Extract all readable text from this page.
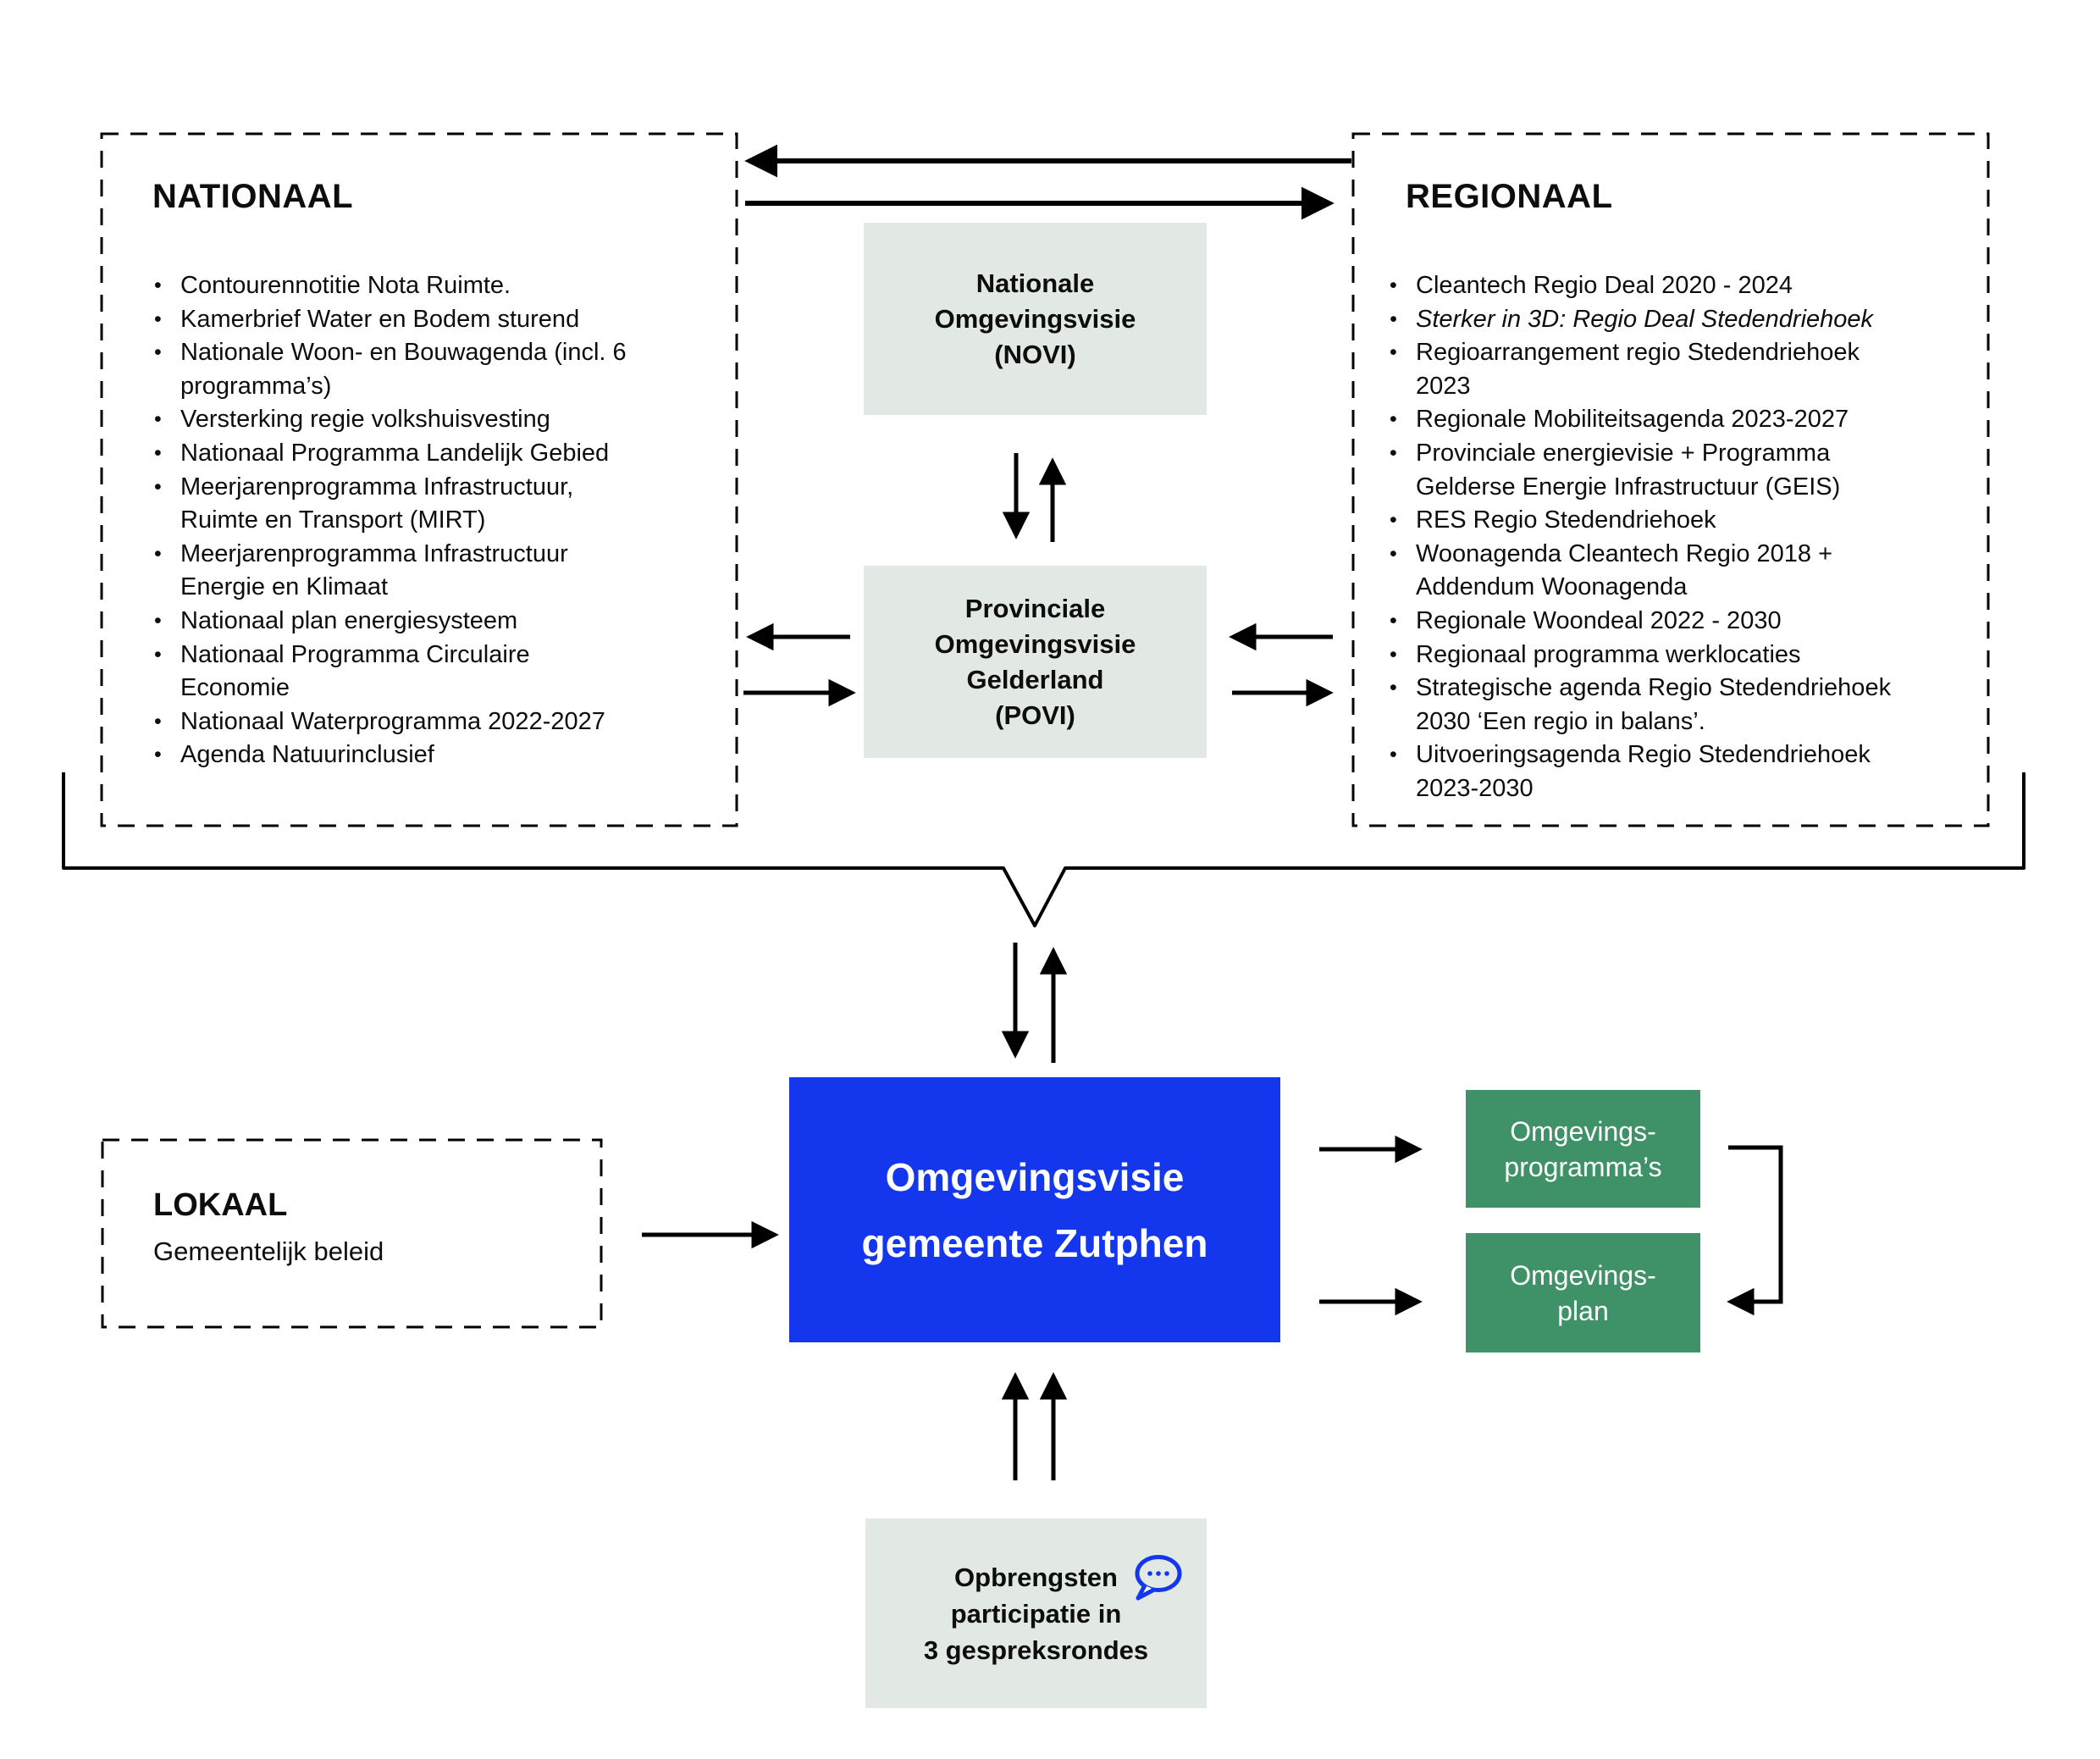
NATIONAAL
• Contourennotitie Nota Ruimte.
• Kamerbrief Water en Bodem sturend
• Nationale Woon- en Bouwagenda (incl. 6 programma’s)
• Versterking regie volkshuisvesting
• Nationaal Programma Landelijk Gebied
• Meerjarenprogramma Infrastructuur, Ruimte en Transport (MIRT)
• Meerjarenprogramma Infrastructuur Energie en Klimaat
• Nationaal plan energiesysteem
• Nationaal Programma Circulaire Economie
• Nationaal Waterprogramma 2022-2027
• Agenda Natuurinclusief
REGIONAAL
• Cleantech Regio Deal 2020 - 2024
• Sterker in 3D: Regio Deal Stedendriehoek
• Regioarrangement regio Stedendriehoek 2023
• Regionale Mobiliteitsagenda 2023-2027
• Provinciale energievisie + Programma Gelderse Energie Infrastructuur (GEIS)
• RES Regio Stedendriehoek
• Woonagenda Cleantech Regio 2018 + Addendum Woonagenda
• Regionale Woondeal 2022 - 2030
• Regionaal programma werklocaties
• Strategische agenda Regio Stedendriehoek 2030 ‘Een regio in balans’.
• Uitvoeringsagenda Regio Stedendriehoek 2023-2030
Nationale
Omgevingsvisie
(NOVI)
Provinciale
Omgevingsvisie
Gelderland
(POVI)
LOKAAL
Gemeentelijk beleid
Omgevingsvisie
gemeente Zutphen
Omgevings-
programma’s
Omgevings-
plan
Opbrengsten
participatie in
3 gespreksrondes
